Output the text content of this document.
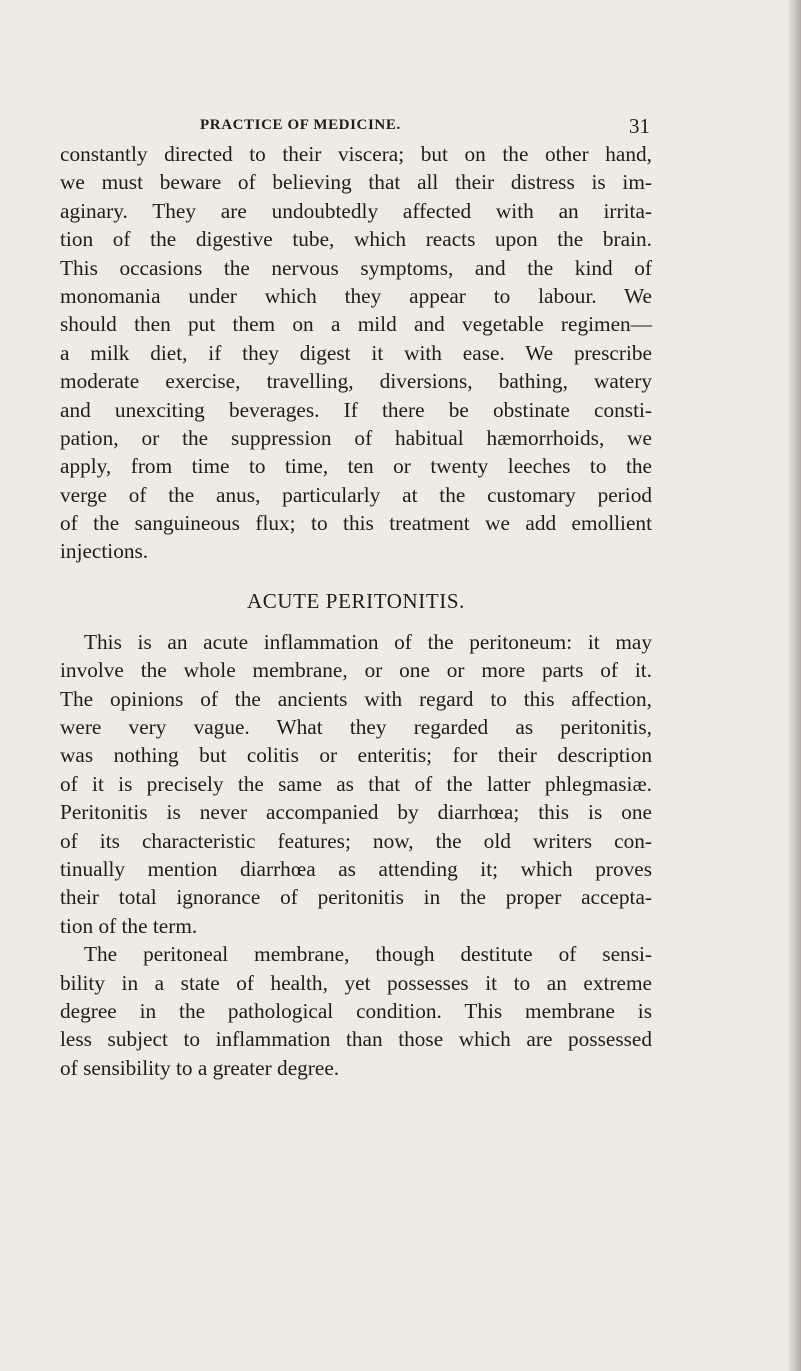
PRACTICE OF MEDICINE.	31
constantly directed to their viscera; but on the other hand,
we must beware of believing that all their distress is im-
aginary. They are undoubtedly affected with an irrita-
tion of the digestive tube, which reacts upon the brain.
This occasions the nervous symptoms, and the kind of
monomania under which they appear to labour. We
should then put them on a mild and vegetable regimen—
a milk diet, if they digest it with ease. We prescribe
moderate exercise, travelling, diversions, bathing, watery
and unexciting beverages. If there be obstinate consti-
pation, or the suppression of habitual hæmorrhoids, we
apply, from time to time, ten or twenty leeches to the
verge of the anus, particularly at the customary period
of the sanguineous flux; to this treatment we add emollient
injections.
ACUTE PERITONITIS.
This is an acute inflammation of the peritoneum: it may
involve the whole membrane, or one or more parts of it.
The opinions of the ancients with regard to this affection,
were very vague. What they regarded as peritonitis,
was nothing but colitis or enteritis; for their description
of it is precisely the same as that of the latter phlegmasiæ.
Peritonitis is never accompanied by diarrhœa; this is one
of its characteristic features; now, the old writers con-
tinually mention diarrhœa as attending it; which proves
their total ignorance of peritonitis in the proper accepta-
tion of the term.
The peritoneal membrane, though destitute of sensi-
bility in a state of health, yet possesses it to an extreme
degree in the pathological condition. This membrane is
less subject to inflammation than those which are possessed
of sensibility to a greater degree.
